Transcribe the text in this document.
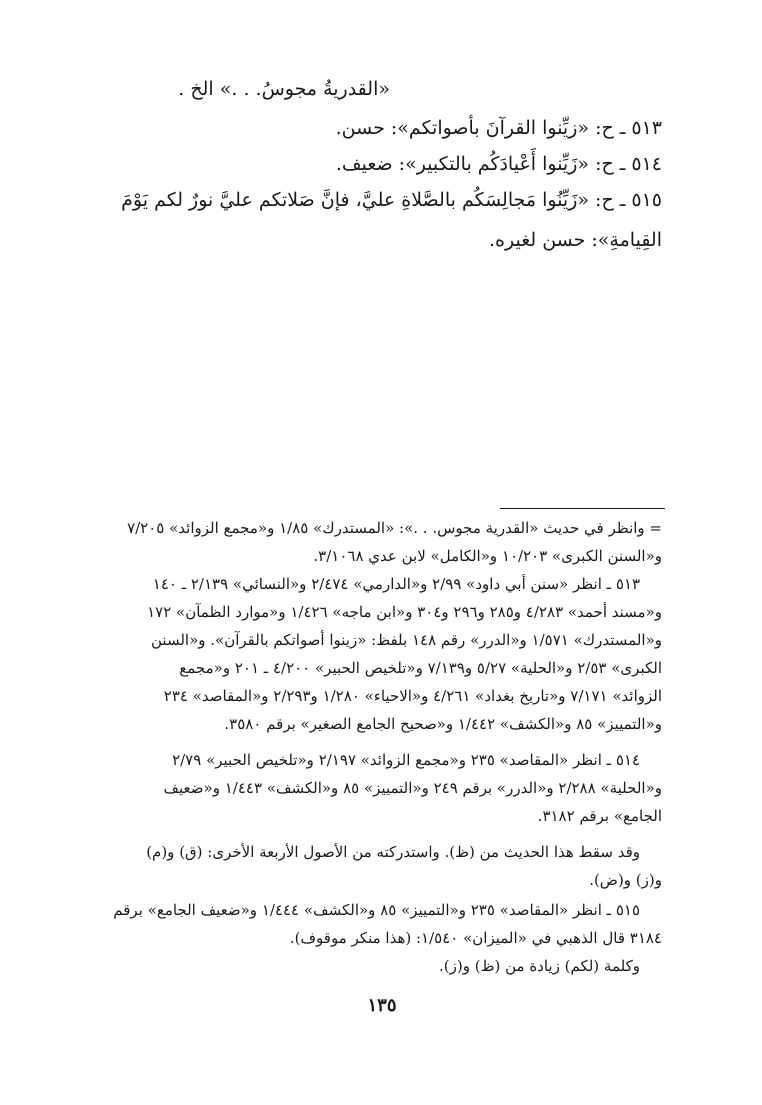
«القدريةُ مجوسُ. . .» الخ .
٥١٣ ـ ح: «زيِّنوا القرآنَ بأصواتكم»: حسن.
٥١٤ ـ ح: «زَيِّنوا أَعْيادَكُم بالتكبير»: ضعيف.
٥١٥ ـ ح: «زَيِّنُوا مَجالِسَكُم بالصَّلاةِ عليَّ، فإنَّ صَلاتكم عليَّ نورٌ لكم يَوْمَ
القِيامةِ»: حسن لغيره.
= وانظر في حديث «القدرية مجوس. . .»: «المستدرك» ١/٨٥ و«مجمع الزوائد» ٧/٢٠٥
و«السنن الكبرى» ١٠/٢٠٣ و«الكامل» لابن عدي ٣/١٠٦٨.
٥١٣ ـ انظر «سنن أبي داود» ٢/٩٩ و«الدارمي» ٢/٤٧٤ و«النسائي» ٢/١٣٩ ـ ١٤٠
و«مسند أحمد» ٤/٢٨٣ و٢٨٥ و٢٩٦ و٣٠٤ و«ابن ماجه» ١/٤٢٦ و«موارد الظمآن» ١٧٢
و«المستدرك» ١/٥٧١ و«الدرر» رقم ١٤٨ بلفظ: «زينوا أصواتكم بالقرآن». و«السنن
الكبرى» ٢/٥٣ و«الحلية» ٥/٢٧ و٧/١٣٩ و«تلخيص الحبير» ٤/٢٠٠ ـ ٢٠١ و«مجمع
الزوائد» ٧/١٧١ و«تاريخ بغداد» ٤/٢٦١ و«الاحياء» ١/٢٨٠ و٢/٢٩٣ و«المقاصد» ٢٣٤
و«التمييز» ٨٥ و«الكشف» ١/٤٤٢ و«صحيح الجامع الصغير» برقم ٣٥٨٠.
٥١٤ ـ انظر «المقاصد» ٢٣٥ و«مجمع الزوائد» ٢/١٩٧ و«تلخيص الحبير» ٢/٧٩
و«الحلية» ٢/٢٨٨ و«الدرر» برقم ٢٤٩ و«التمييز» ٨٥ و«الكشف» ١/٤٤٣ و«ضعيف
الجامع» برقم ٣١٨٢.
وقد سقط هذا الحديث من (ظ). واستدركته من الأصول الأربعة الأخرى: (ق) و(م)
و(ز) و(ض).
٥١٥ ـ انظر «المقاصد» ٢٣٥ و«التمييز» ٨٥ و«الكشف» ١/٤٤٤ و«ضعيف الجامع» برقم
٣١٨٤ قال الذهبي في «الميزان» ١/٥٤٠: (هذا منكر موقوف).
وكلمة (لكم) زيادة من (ظ) و(ز).
١٣٥
